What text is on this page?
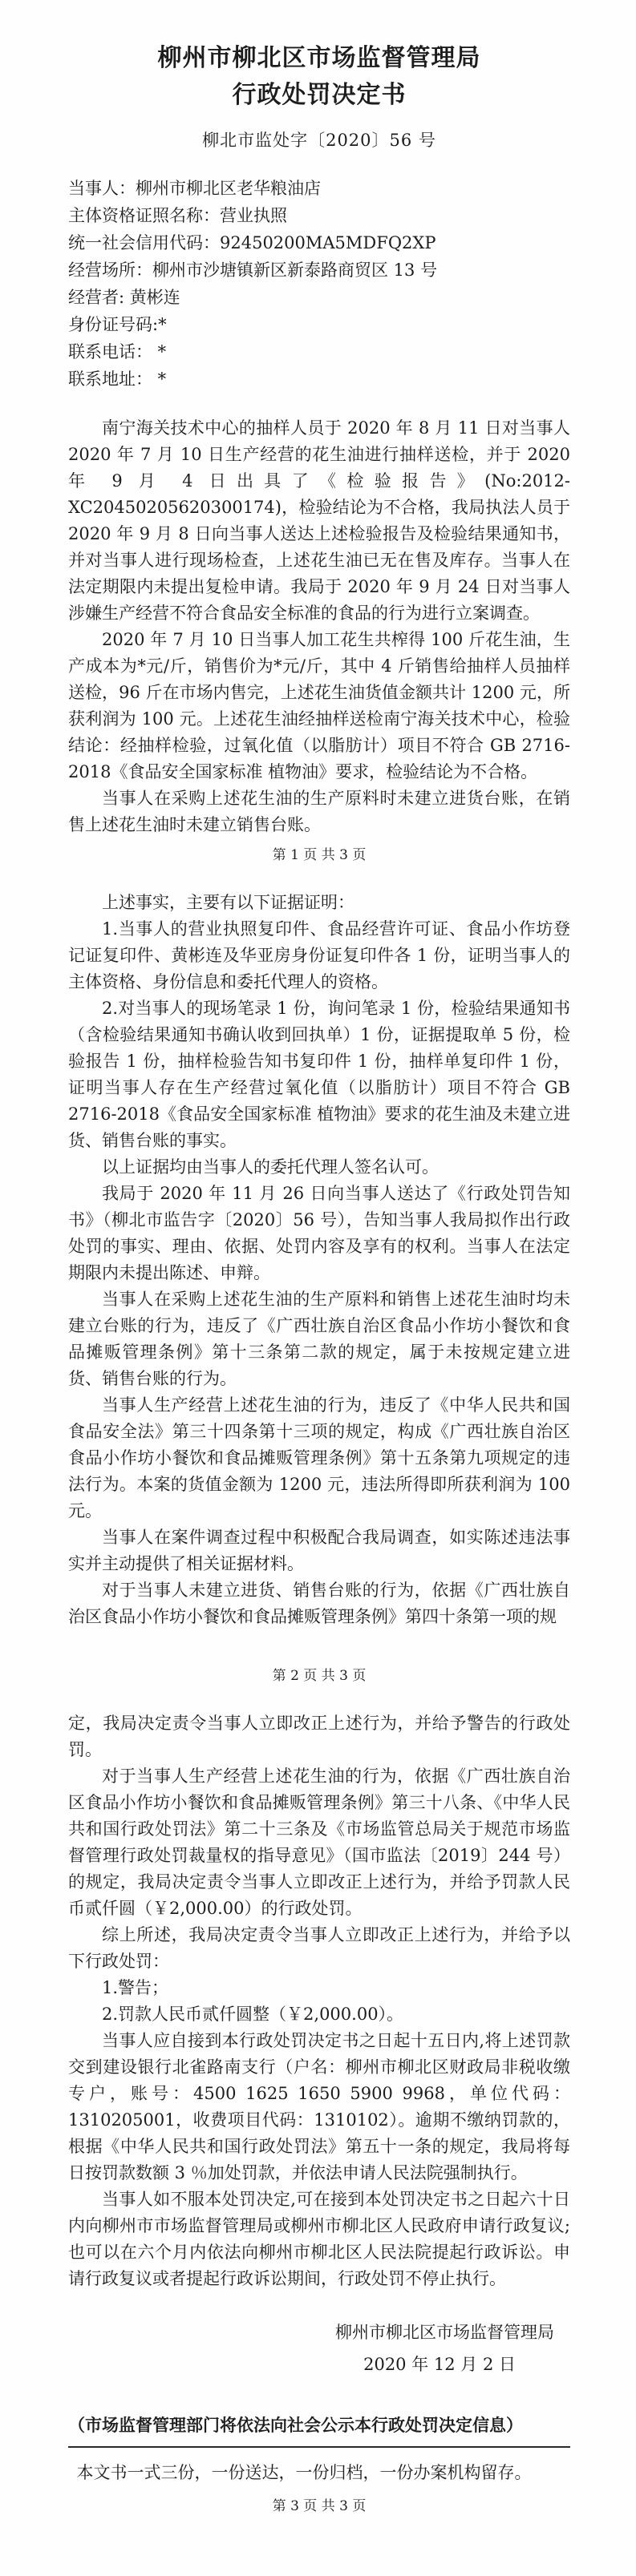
柳州市柳北区市场监督管理局
行政处罚决定书
柳北市监处字〔2020〕56 号

当事人：柳州市柳北区老华粮油店

主体资格证照名称：营业执照

统一社会信用代码：92450200MA5MDFQ2XP

经营场所：柳州市沙塘镇新区新泰路商贸区 13 号

经营者: 黄彬连

身份证号码:*

联系电话： *

联系地址： *

南宁海关技术中心的抽样人员于 2020 年 8 月 11 日对当事人 2020 年 7 月 10 日生产经营的花生油进行抽样送检，并于 2020 年 9 月 4 日出具了《检验报告》(No:2012-XC20450205620300174)，检验结论为不合格，我局执法人员于 2020 年 9 月 8 日向当事人送达上述检验报告及检验结果通知书，并对当事人进行现场检查，上述花生油已无在售及库存。当事人在法定期限内未提出复检申请。我局于 2020 年 9 月 24 日对当事人涉嫌生产经营不符合食品安全标准的食品的行为进行立案调查。

2020 年 7 月 10 日当事人加工花生共榨得 100 斤花生油，生产成本为*元/斤，销售价为*元/斤，其中 4 斤销售给抽样人员抽样送检，96 斤在市场内售完，上述花生油货值金额共计 1200 元，所获利润为 100 元。上述花生油经抽样送检南宁海关技术中心，检验结论：经抽样检验，过氧化值（以脂肪计）项目不符合 GB 2716-2018《食品安全国家标准 植物油》要求，检验结论为不合格。

当事人在采购上述花生油的生产原料时未建立进货台账，在销售上述花生油时未建立销售台账。

第 1 页 共 3 页

上述事实，主要有以下证据证明：

1.当事人的营业执照复印件、食品经营许可证、食品小作坊登记证复印件、黄彬连及华亚房身份证复印件各 1 份，证明当事人的主体资格、身份信息和委托代理人的资格。

2.对当事人的现场笔录 1 份，询问笔录 1 份，检验结果通知书（含检验结果通知书确认收到回执单）1 份，证据提取单 5 份，检验报告 1 份，抽样检验告知书复印件 1 份，抽样单复印件 1 份，证明当事人存在生产经营过氧化值（以脂肪计）项目不符合 GB 2716-2018《食品安全国家标准 植物油》要求的花生油及未建立进货、销售台账的事实。

以上证据均由当事人的委托代理人签名认可。

我局于 2020 年 11 月 26 日向当事人送达了《行政处罚告知书》（柳北市监告字〔2020〕56 号），告知当事人我局拟作出行政处罚的事实、理由、依据、处罚内容及享有的权利。当事人在法定期限内未提出陈述、申辩。

当事人在采购上述花生油的生产原料和销售上述花生油时均未建立台账的行为，违反了《广西壮族自治区食品小作坊小餐饮和食品摊贩管理条例》第十三条第二款的规定，属于未按规定建立进货、销售台账的行为。

当事人生产经营上述花生油的行为，违反了《中华人民共和国食品安全法》第三十四条第十三项的规定，构成《广西壮族自治区食品小作坊小餐饮和食品摊贩管理条例》第十五条第九项规定的违法行为。本案的货值金额为 1200 元，违法所得即所获利润为 100 元。

当事人在案件调查过程中积极配合我局调查，如实陈述违法事实并主动提供了相关证据材料。

对于当事人未建立进货、销售台账的行为，依据《广西壮族自治区食品小作坊小餐饮和食品摊贩管理条例》第四十条第一项的规

第 2 页 共 3 页

定，我局决定责令当事人立即改正上述行为，并给予警告的行政处罚。

对于当事人生产经营上述花生油的行为，依据《广西壮族自治区食品小作坊小餐饮和食品摊贩管理条例》第三十八条、《中华人民共和国行政处罚法》第二十三条及《市场监管总局关于规范市场监督管理行政处罚裁量权的指导意见》（国市监法〔2019〕244 号）的规定，我局决定责令当事人立即改正上述行为，并给予罚款人民币贰仟圆（￥2,000.00）的行政处罚。

综上所述，我局决定责令当事人立即改正上述行为，并给予以下行政处罚：

1.警告；

2.罚款人民币贰仟圆整（￥2,000.00）。

当事人应自接到本行政处罚决定书之日起十五日内,将上述罚款交到建设银行北雀路南支行（户名：柳州市柳北区财政局非税收缴专户，账号：4500 1625 1650 5900 9968，单位代码：1310205001，收费项目代码：1310102）。逾期不缴纳罚款的，根据《中华人民共和国行政处罚法》第五十一条的规定，我局将每日按罚款数额 3 ％加处罚款，并依法申请人民法院强制执行。

当事人如不服本处罚决定,可在接到本处罚决定书之日起六十日内向柳州市市场监督管理局或柳州市柳北区人民政府申请行政复议;也可以在六个月内依法向柳州市柳北区人民法院提起行政诉讼。申请行政复议或者提起行政诉讼期间，行政处罚不停止执行。

柳州市柳北区市场监督管理局

2020 年 12 月 2 日

（市场监督管理部门将依法向社会公示本行政处罚决定信息）

本文书一式三份，一份送达，一份归档，一份办案机构留存。

第 3 页 共 3 页
